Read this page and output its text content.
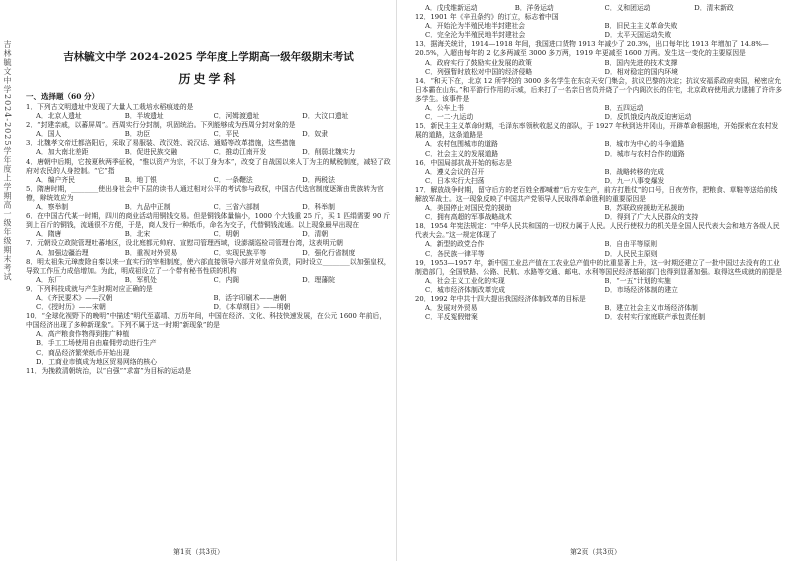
吉林毓文中学2024-2025学年度上学期高一级年级期末考试	吉林毓文中学 2024-2025 学年度上学期高一级年级期末考试
历史学科
一、选择题（60 分）
1．下列古文明遗址中发现了大量人工栽培水稻痕迹的是
A．北京人遗址	B．半坡遗址	C．河姆渡遗址	D．大汶口遗址
2．“封建亲戚，以蕃屏周”。西周实行分封制，巩固统治。下列能够成为西周分封对象的是
A．国人	B．功臣	C．平民	D．奴隶
3．北魏孝文帝迁都洛阳后，采取了易服装、改汉姓、说汉话、通婚等改革措施，这些措施
A．加大南北差距	B．促进民族交融	C．推动江南开发	D．削弱北魏实力
4．唐朝中后期，它按夏秋两季征税，“惟以资产为宗，不以丁身为本”，改变了自战国以来人丁为主的赋税制度，减轻了政府对农民的人身控制。“它”指
A．编户齐民	B．地丁银	C．一条鞭法	D．两税法
5．隋唐时期，________使出身社会中下层的读书人通过相对公平的考试参与政权，中国古代选官制度逐渐由贵族转为官僚，辩统效应为
A．察举制	B．九品中正制	C．三省六部制	D．科举制
6．在中国古代某一时期，四川的商业活动用铜钱交易。但是铜钱体量偏小，1000 个大钱重 25 斤，买 1 匹绢需要 90 斤到上百斤的铜钱，流通很不方便，于是，商人发行一种纸币，命名为交子，代替铜钱流通。以上现象最早出现在
A．隋唐	B．北宋	C．明朝	D．清朝
7．元朝设立政院管理吐蕃地区，设北庭都元帅府、宣慰司管理西域，设澎湖巡检司管理台湾，这表明元朝
A．加强边疆治理	B．重视对外贸易	C．实现民族平等	D．强化行省制度
8．明太祖朱元璋废除自秦以来一直实行的宰相制度，使六部直接领导六部并对皇帝负责，同时设立________以加强皇权，导致工作压力成倍增加。为此，明成祖设立了一个带有秘书性质的机构
A．东厂	B．军机处	C．内阁	D．理藩院
9．下列科技成就与产生时期对应正确的是
A．《齐民要术》——汉朝	B．活字印刷术——唐朝
C．《授时历》——宋朝	D．《本草纲目》——明朝
10．“全球化视野下的晚明”中描述“明代至嘉靖、万历年间，中国在经济、文化、科技快速发展，在公元 1600 年前后，中国经济出现了多种新现象”。下列不属于这一时期“新现象”的是
A．高产粮食作物得到推广种植
B．手工工场使用自由雇佣劳动进行生产
C．商品经济繁荣纸币开始出现
D．工商业市镇成为地区贸易网络的核心
11．为挽救清朝统治，以“自强”“求富”为目标的运动是
第1页（共3页）
A．戊戌维新运动	B．洋务运动	C．义和团运动	D．清末新政
12．1901 年《辛丑条约》的订立，标志着中国
A．开始沦为半殖民地半封建社会	B．旧民主主义革命失败
C．完全沦为半殖民地半封建社会	D．太平天国运动失败
13．据海关统计，1914—1918 年间，我国进口货物 1913 年减少了 20.3%，出口每年比 1913 年增加了 14.8%—20.5%，入超由每年的 2 亿多两减至 3000 多万两，1919 年更减至 1600 万两。发生这一变化的主要原因是
A．政府实行了鼓励实业发展的政策	B．国内先进的技术支撑
C．列强暂时放松对中国的经济侵略	D．相对稳定的国内环境
14．“和天下在，北京 12 所学校的 3000 多名学生在东京天安门集会，抗议巴黎的决定；抗议安福系政府卖国，秘密应允日本霸在山东。”和平游行作用的示威，后来打了一名亲日官员并烧了一个内阁次长的住宅，北京政府使用武力逮捕了许许多多学生。该事件是
A．公车上书	B．五四运动
C．一二·九运动	D．反饥饿反内战反迫害运动
15．新民主主义革命时期，毛泽东率领秋收起义的部队，于 1927 年秋到达井冈山，开辟革命根据地，开始探索在农村发展的道路，这条道路是
A．农村包围城市的道路	B．城市为中心的斗争道路
C．社会主义的发展道路	D．城市与农村合作的道路
16．中国局部抗战开始的标志是
A．遵义会议的召开	B．战略转移的完成
C．日本实行大扫荡	D．九一八事变爆发
17．解放战争时期，留守后方的老百姓全都喊着“后方安生产，前方打胜仗”的口号，日夜劳作，把粮食、草鞋等送给前线解放军战士。这一现象反映了中国共产党领导人民取得革命胜利的重要原因是
A．美国停止对国民党的援助	B．苏联政府援助无私援助
C．拥有高超的军事战略战术	D．得到了广大人民群众的支持
18．1954 年宪法规定：“中华人民共和国的一切权力属于人民。人民行使权力的机关是全国人民代表大会和地方各级人民代表大会。”这一规定体现了
A．新型的政党合作	B．自由平等原则
C．各民族一律平等	D．人民民主原则
19．1953—1957 年，新中国工业总产值在工农业总产值中的比重显著上升，这一时期还建立了一批中国过去没有的工业制造部门，全国铁路、公路、民航、水路等交通、邮电、水利等国民经济基础部门也得到显著加强。取得这些成就的前提是
A．社会主义工业化的实现	B．“一五”计划的实施
C．城市经济体制改革完成	D．市场经济体制的建立
20．1992 年中共十四大提出我国经济体制改革的目标是
A．发展对外贸易	B．建立社会主义市场经济体制
C．平反冤假错案	D．农村实行家庭联产承包责任制
第2页（共3页）
